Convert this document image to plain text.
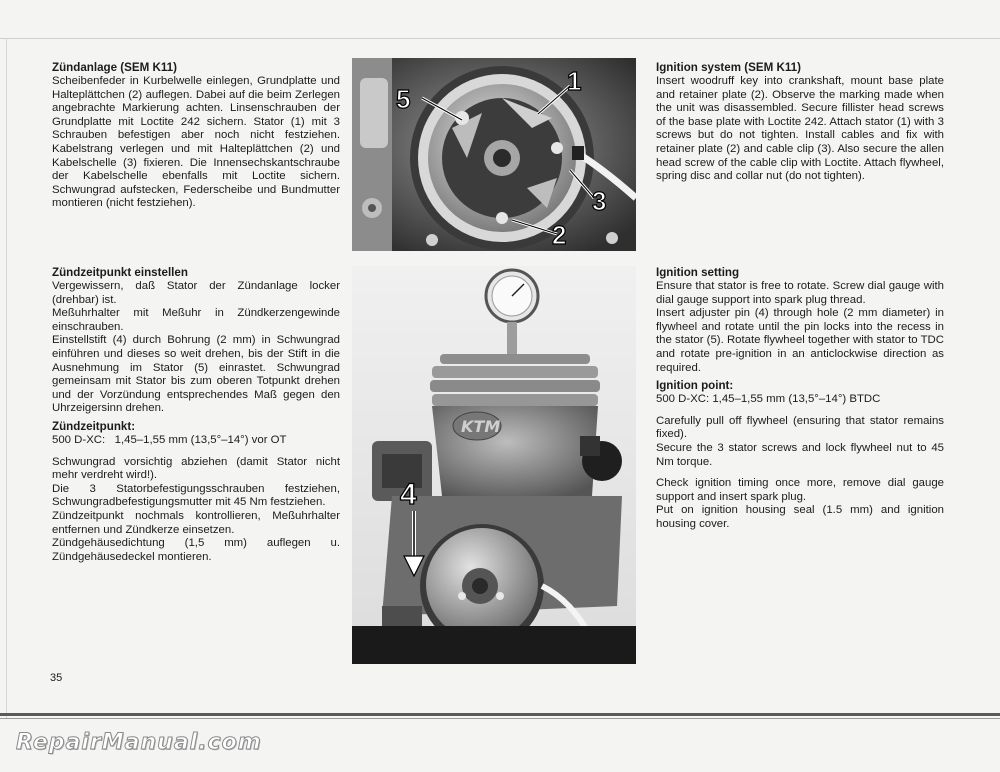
Zündanlage (SEM K11)

Scheibenfeder in Kurbelwelle einlegen, Grundplatte und Halteplättchen (2) auflegen. Dabei auf die beim Zerlegen angebrachte Markierung achten. Linsenschrauben der Grundplatte mit Loctite 242 sichern. Stator (1) mit 3 Schrauben befestigen aber noch nicht festziehen. Kabelstrang verlegen und mit Halteplättchen (2) und Kabelschelle (3) fixieren. Die Innensechskantschraube der Kabelschelle ebenfalls mit Loctite sichern. Schwungrad aufstecken, Federscheibe und Bundmutter montieren (nicht festziehen).

Zündzeitpunkt einstellen

Vergewissern, daß Stator der Zündanlage locker (drehbar) ist.

Meßuhrhalter mit Meßuhr in Zündkerzengewinde einschrauben.

Einstellstift (4) durch Bohrung (2 mm) in Schwungrad einführen und dieses so weit drehen, bis der Stift in die Ausnehmung im Stator (5) einrastet. Schwungrad gemeinsam mit Stator bis zum oberen Totpunkt drehen und der Vorzündung entsprechendes Maß gegen den Uhrzeigersinn drehen.

Zündzeitpunkt:

500 D-XC:   1,45–1,55 mm (13,5°–14°) vor OT

Schwungrad vorsichtig abziehen (damit Stator nicht mehr verdreht wird!).

Die 3 Statorbefestigungsschrauben festziehen, Schwungradbefestigungsmutter mit 45 Nm festziehen.

Zündzeitpunkt nochmals kontrollieren, Meßuhrhalter entfernen und Zündkerze einsetzen.

Zündgehäusedichtung (1,5 mm) auflegen u. Zündgehäusedeckel montieren.

1
2
3
5
KTM
4
Ignition system (SEM K11)

Insert woodruff key into crankshaft, mount base plate and retainer plate (2). Observe the marking made when the unit was disassembled. Secure fillister head screws of the base plate with Loctite 242. Attach stator (1) with 3 screws but do not tighten. Install cables and fix with retainer plate (2) and cable clip (3). Also secure the allen head screw of the cable clip with Loctite. Attach flywheel, spring disc and collar nut (do not tighten).

Ignition setting

Ensure that stator is free to rotate. Screw dial gauge with dial gauge support into spark plug thread.

Insert adjuster pin (4) through hole (2 mm diameter) in flywheel and rotate until the pin locks into the recess in the stator (5). Rotate flywheel together with stator to TDC and rotate pre-ignition in an anticlockwise direction as required.

Ignition point:

500 D-XC: 1,45–1,55 mm (13,5°–14°) BTDC

Carefully pull off flywheel (ensuring that stator remains fixed).

Secure the 3 stator screws and lock flywheel nut to 45 Nm torque.

Check ignition timing once more, remove dial gauge support and insert spark plug.

Put on ignition housing seal (1.5 mm) and ignition housing cover.

35
RepairManual.com
